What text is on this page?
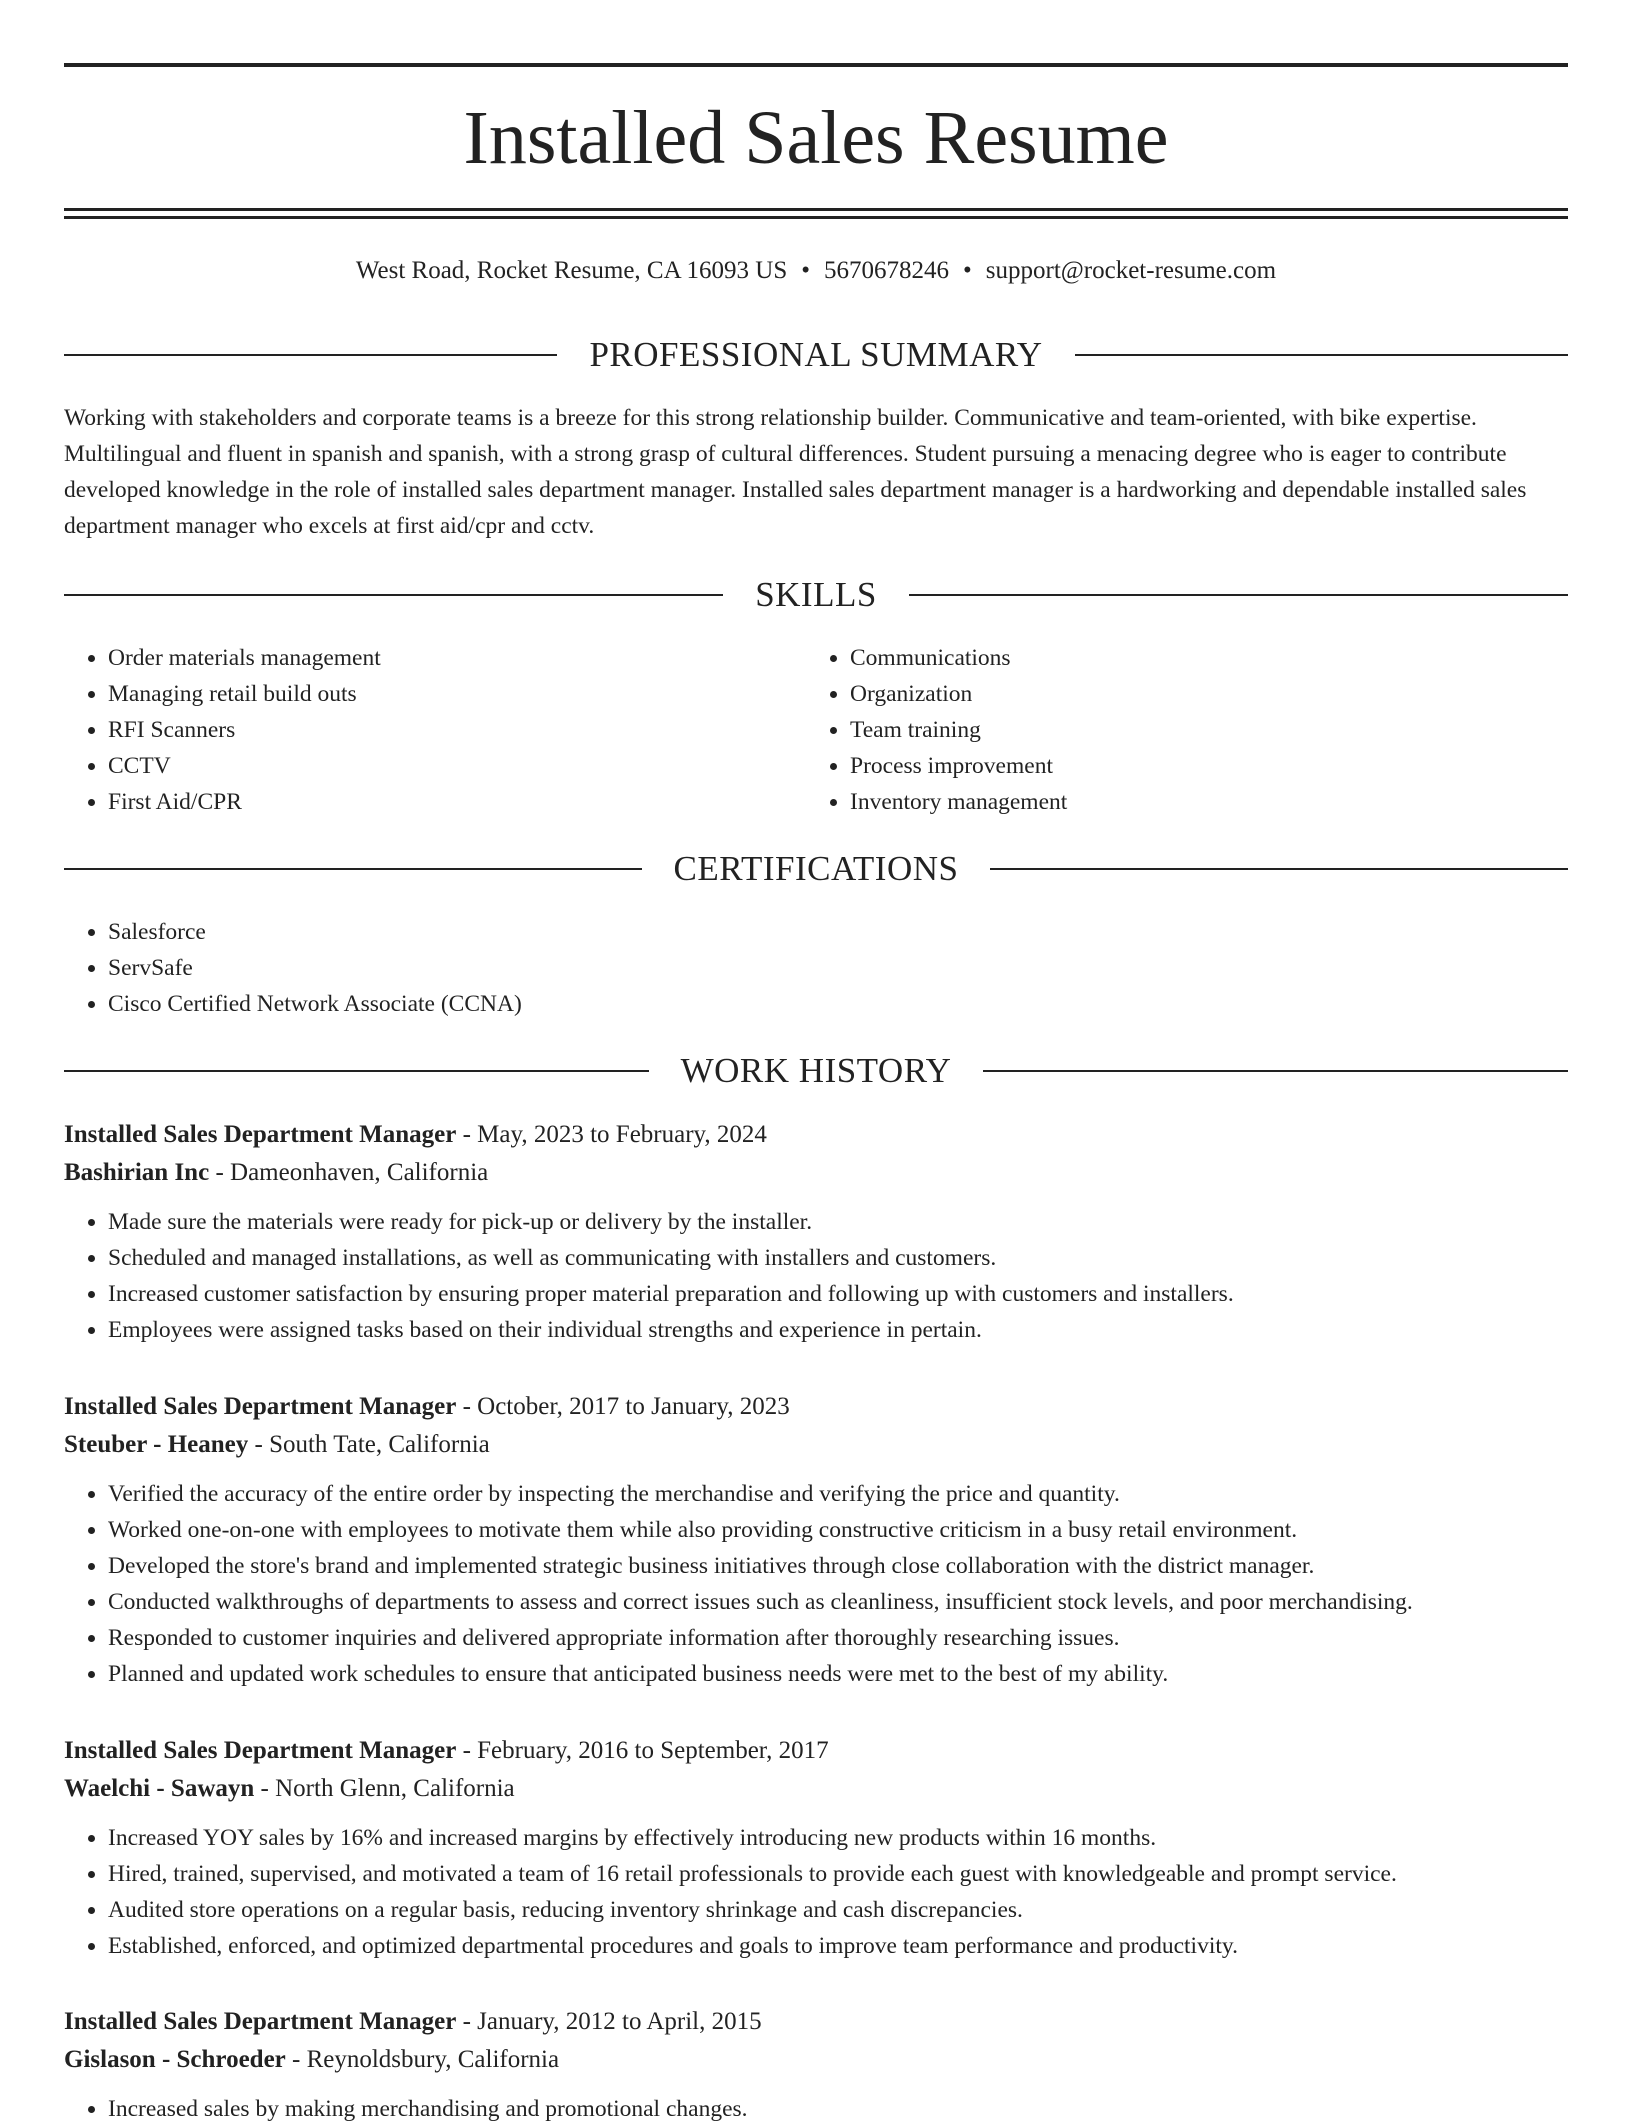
Installed Sales Resume
West Road, Rocket Resume, CA 16093 US • 5670678246 • support@rocket-resume.com
PROFESSIONAL SUMMARY

Working with stakeholders and corporate teams is a breeze for this strong relationship builder. Communicative and team-oriented, with bike expertise. Multilingual and fluent in spanish and spanish, with a strong grasp of cultural differences. Student pursuing a menacing degree who is eager to contribute developed knowledge in the role of installed sales department manager. Installed sales department manager is a hardworking and dependable installed sales department manager who excels at first aid/cpr and cctv.

SKILLS
• Order materials management
• Managing retail build outs
• RFI Scanners
• CCTV
• First Aid/CPR
• Communications
• Organization
• Team training
• Process improvement
• Inventory management
CERTIFICATIONS
• Salesforce
• ServSafe
• Cisco Certified Network Associate (CCNA)
WORK HISTORY
Installed Sales Department Manager - May, 2023 to February, 2024
Bashirian Inc - Dameonhaven, California
• Made sure the materials were ready for pick-up or delivery by the installer.
• Scheduled and managed installations, as well as communicating with installers and customers.
• Increased customer satisfaction by ensuring proper material preparation and following up with customers and installers.
• Employees were assigned tasks based on their individual strengths and experience in pertain.
Installed Sales Department Manager - October, 2017 to January, 2023
Steuber - Heaney - South Tate, California
• Verified the accuracy of the entire order by inspecting the merchandise and verifying the price and quantity.
• Worked one-on-one with employees to motivate them while also providing constructive criticism in a busy retail environment.
• Developed the store's brand and implemented strategic business initiatives through close collaboration with the district manager.
• Conducted walkthroughs of departments to assess and correct issues such as cleanliness, insufficient stock levels, and poor merchandising.
• Responded to customer inquiries and delivered appropriate information after thoroughly researching issues.
• Planned and updated work schedules to ensure that anticipated business needs were met to the best of my ability.
Installed Sales Department Manager - February, 2016 to September, 2017
Waelchi - Sawayn - North Glenn, California
• Increased YOY sales by 16% and increased margins by effectively introducing new products within 16 months.
• Hired, trained, supervised, and motivated a team of 16 retail professionals to provide each guest with knowledgeable and prompt service.
• Audited store operations on a regular basis, reducing inventory shrinkage and cash discrepancies.
• Established, enforced, and optimized departmental procedures and goals to improve team performance and productivity.
Installed Sales Department Manager - January, 2012 to April, 2015
Gislason - Schroeder - Reynoldsbury, California
• Increased sales by making merchandising and promotional changes.
